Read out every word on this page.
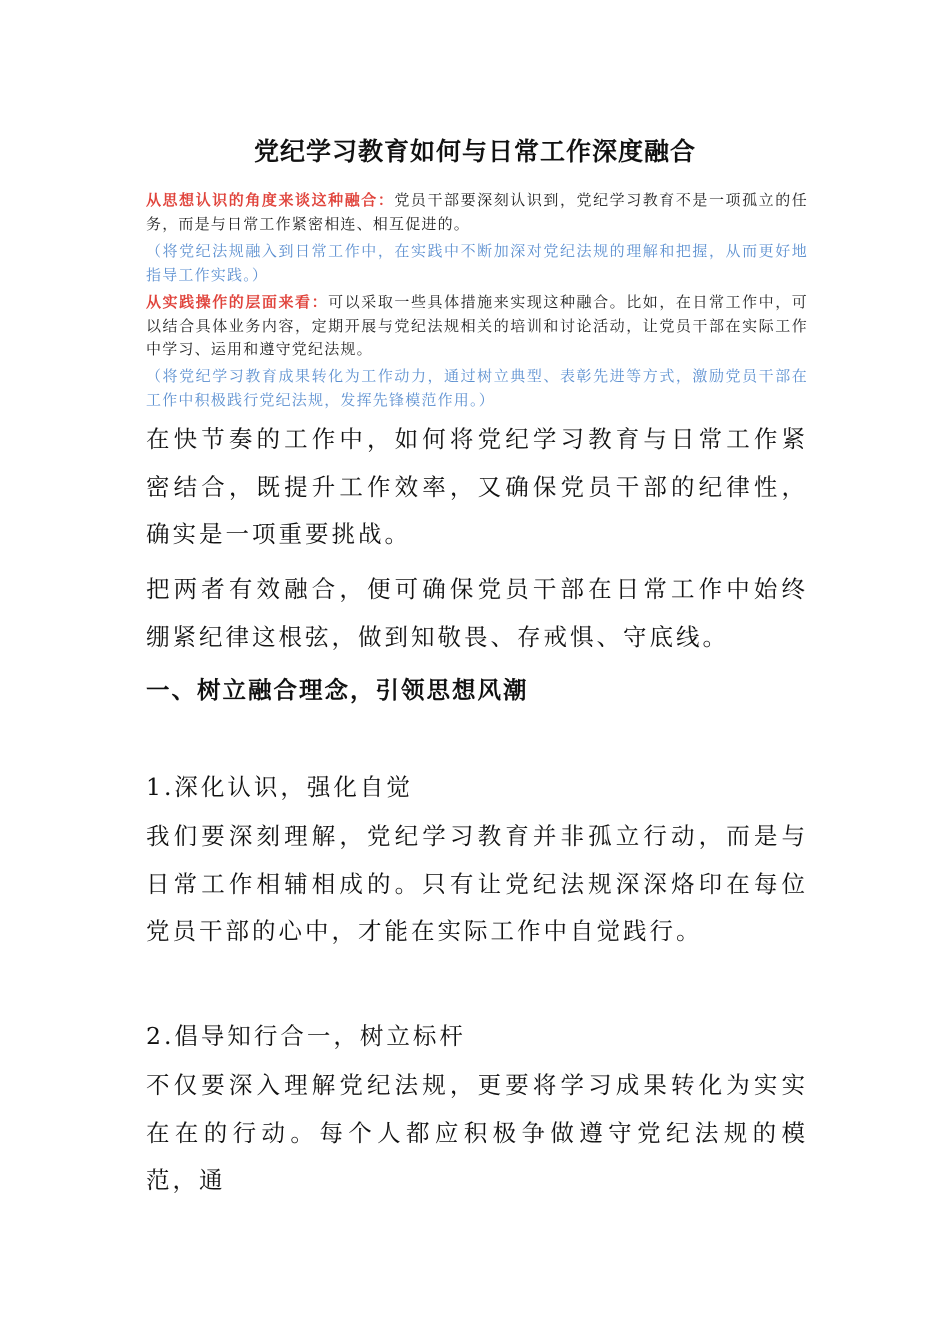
党纪学习教育如何与日常工作深度融合
从思想认识的角度来谈这种融合：党员干部要深刻认识到，党纪学习教育不是一项孤立的任务，而是与日常工作紧密相连、相互促进的。
（将党纪法规融入到日常工作中，在实践中不断加深对党纪法规的理解和把握，从而更好地指导工作实践。）
从实践操作的层面来看：可以采取一些具体措施来实现这种融合。比如，在日常工作中，可以结合具体业务内容，定期开展与党纪法规相关的培训和讨论活动，让党员干部在实际工作中学习、运用和遵守党纪法规。
（将党纪学习教育成果转化为工作动力，通过树立典型、表彰先进等方式，激励党员干部在工作中积极践行党纪法规，发挥先锋模范作用。）
在快节奏的工作中，如何将党纪学习教育与日常工作紧密结合，既提升工作效率，又确保党员干部的纪律性，确实是一项重要挑战。
把两者有效融合，便可确保党员干部在日常工作中始终绷紧纪律这根弦，做到知敬畏、存戒惧、守底线。
一、树立融合理念，引领思想风潮
1.深化认识，强化自觉
我们要深刻理解，党纪学习教育并非孤立行动，而是与日常工作相辅相成的。只有让党纪法规深深烙印在每位党员干部的心中，才能在实际工作中自觉践行。
2.倡导知行合一，树立标杆
不仅要深入理解党纪法规，更要将学习成果转化为实实在在的行动。每个人都应积极争做遵守党纪法规的模范，通
